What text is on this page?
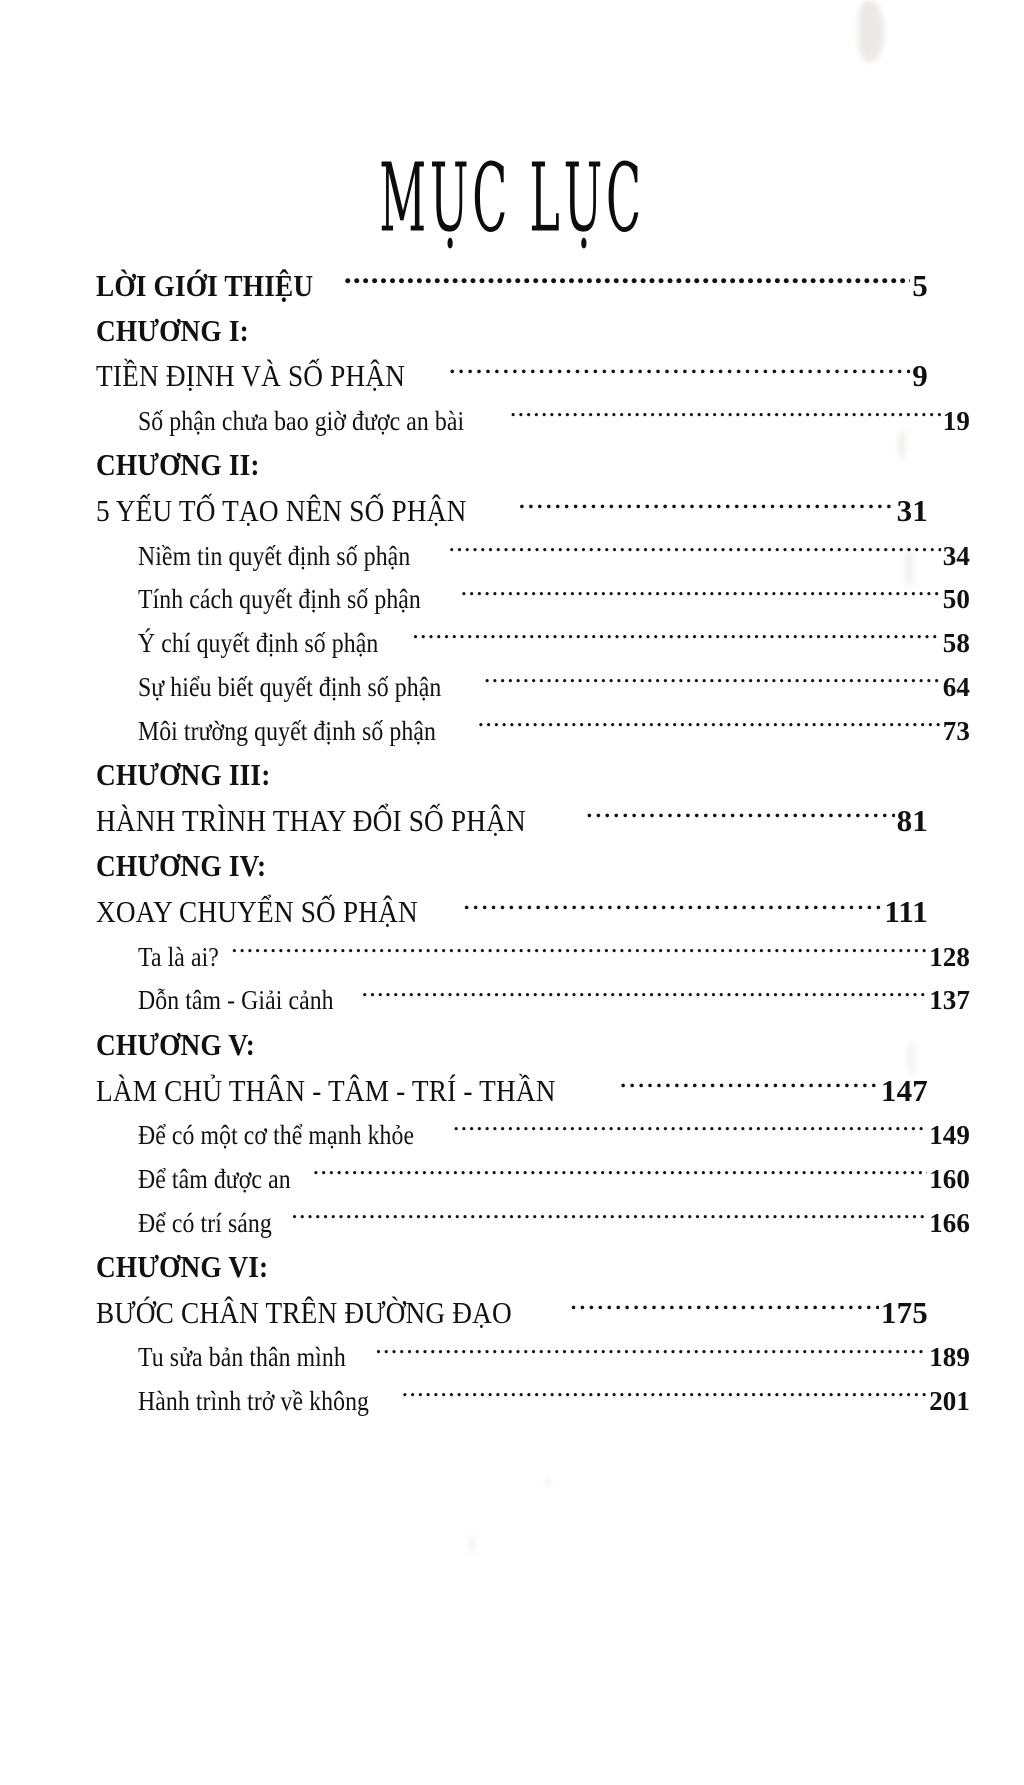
MỤC LỤC
LỜI GIỚI THIỆU .....	5
CHƯƠNG I:
TIỀN ĐỊNH VÀ SỐ PHẬN .....	9
Số phận chưa bao giờ được an bài .....	19
CHƯƠNG II:
5 YẾU TỐ TẠO NÊN SỐ PHẬN .....	31
Niềm tin quyết định số phận .....	34
Tính cách quyết định số phận .....	50
Ý chí quyết định số phận .....	58
Sự hiểu biết quyết định số phận .....	64
Môi trường quyết định số phận .....	73
CHƯƠNG III:
HÀNH TRÌNH THAY ĐỔI SỐ PHẬN .....	81
CHƯƠNG IV:
XOAY CHUYỂN SỐ PHẬN .....	111
Ta là ai? .....	128
Dỗn tâm - Giải cảnh .....	137
CHƯƠNG V:
LÀM CHỦ THÂN - TÂM - TRÍ - THẦN .....	147
Để có một cơ thể mạnh khỏe .....	149
Để tâm được an .....	160
Để có trí sáng .....	166
CHƯƠNG VI:
BƯỚC CHÂN TRÊN ĐƯỜNG ĐẠO .....	175
Tu sửa bản thân mình .....	189
Hành trình trở về không .....	201
